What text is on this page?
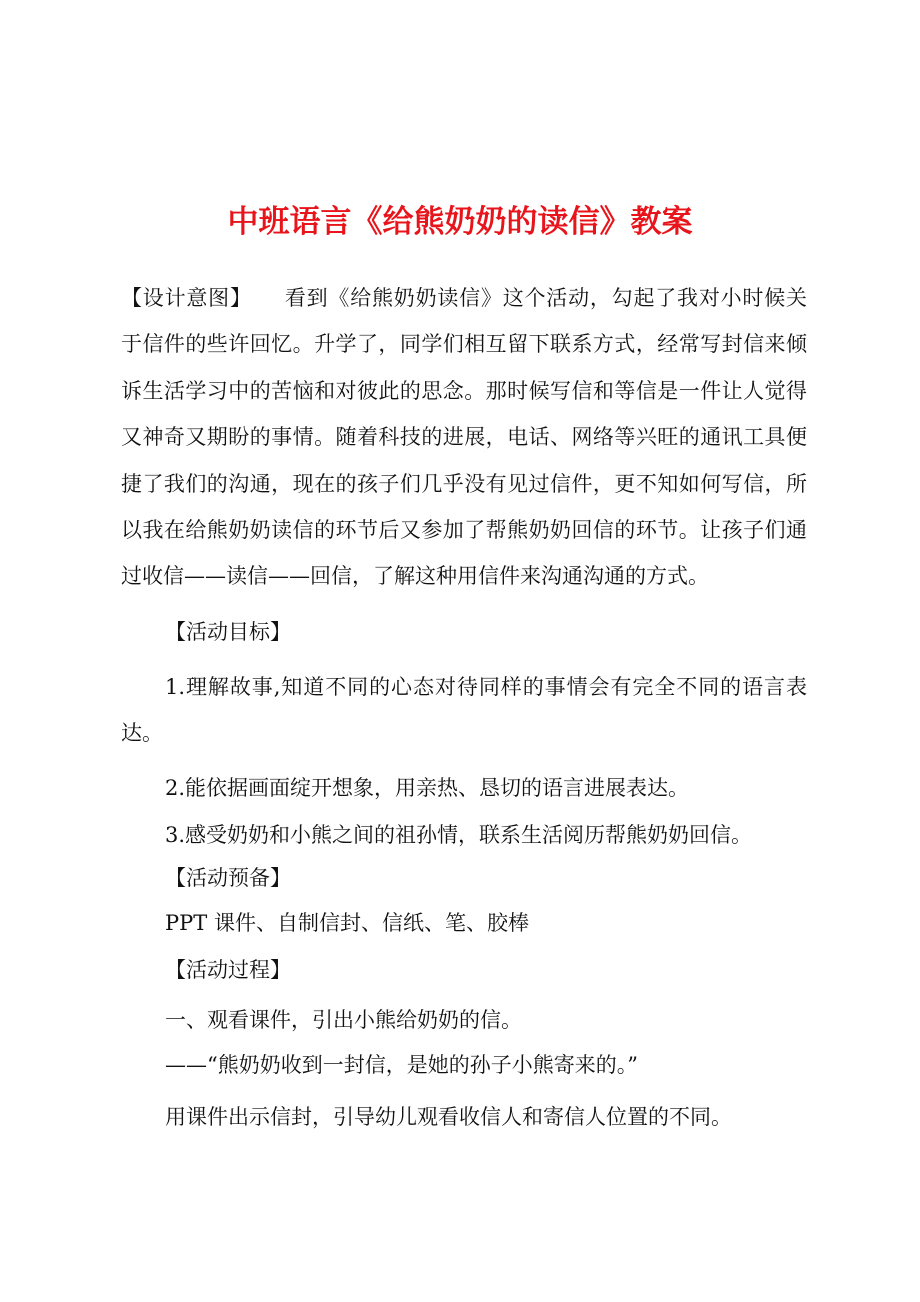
中班语言《给熊奶奶的读信》教案
【设计意图】　　看到《给熊奶奶读信》这个活动，勾起了我对小时候关
于信件的些许回忆。升学了，同学们相互留下联系方式，经常写封信来倾
诉生活学习中的苦恼和对彼此的思念。那时候写信和等信是一件让人觉得
又神奇又期盼的事情。随着科技的进展，电话、网络等兴旺的通讯工具便
捷了我们的沟通，现在的孩子们几乎没有见过信件，更不知如何写信，所
以我在给熊奶奶读信的环节后又参加了帮熊奶奶回信的环节。让孩子们通
过收信——读信——回信，了解这种用信件来沟通沟通的方式。
【活动目标】
1.理解故事,知道不同的心态对待同样的事情会有完全不同的语言表
达。
2.能依据画面绽开想象，用亲热、恳切的语言进展表达。
3.感受奶奶和小熊之间的祖孙情，联系生活阅历帮熊奶奶回信。
【活动预备】
PPT 课件、自制信封、信纸、笔、胶棒
【活动过程】
一、观看课件，引出小熊给奶奶的信。
——“熊奶奶收到一封信，是她的孙子小熊寄来的。”
用课件出示信封，引导幼儿观看收信人和寄信人位置的不同。
